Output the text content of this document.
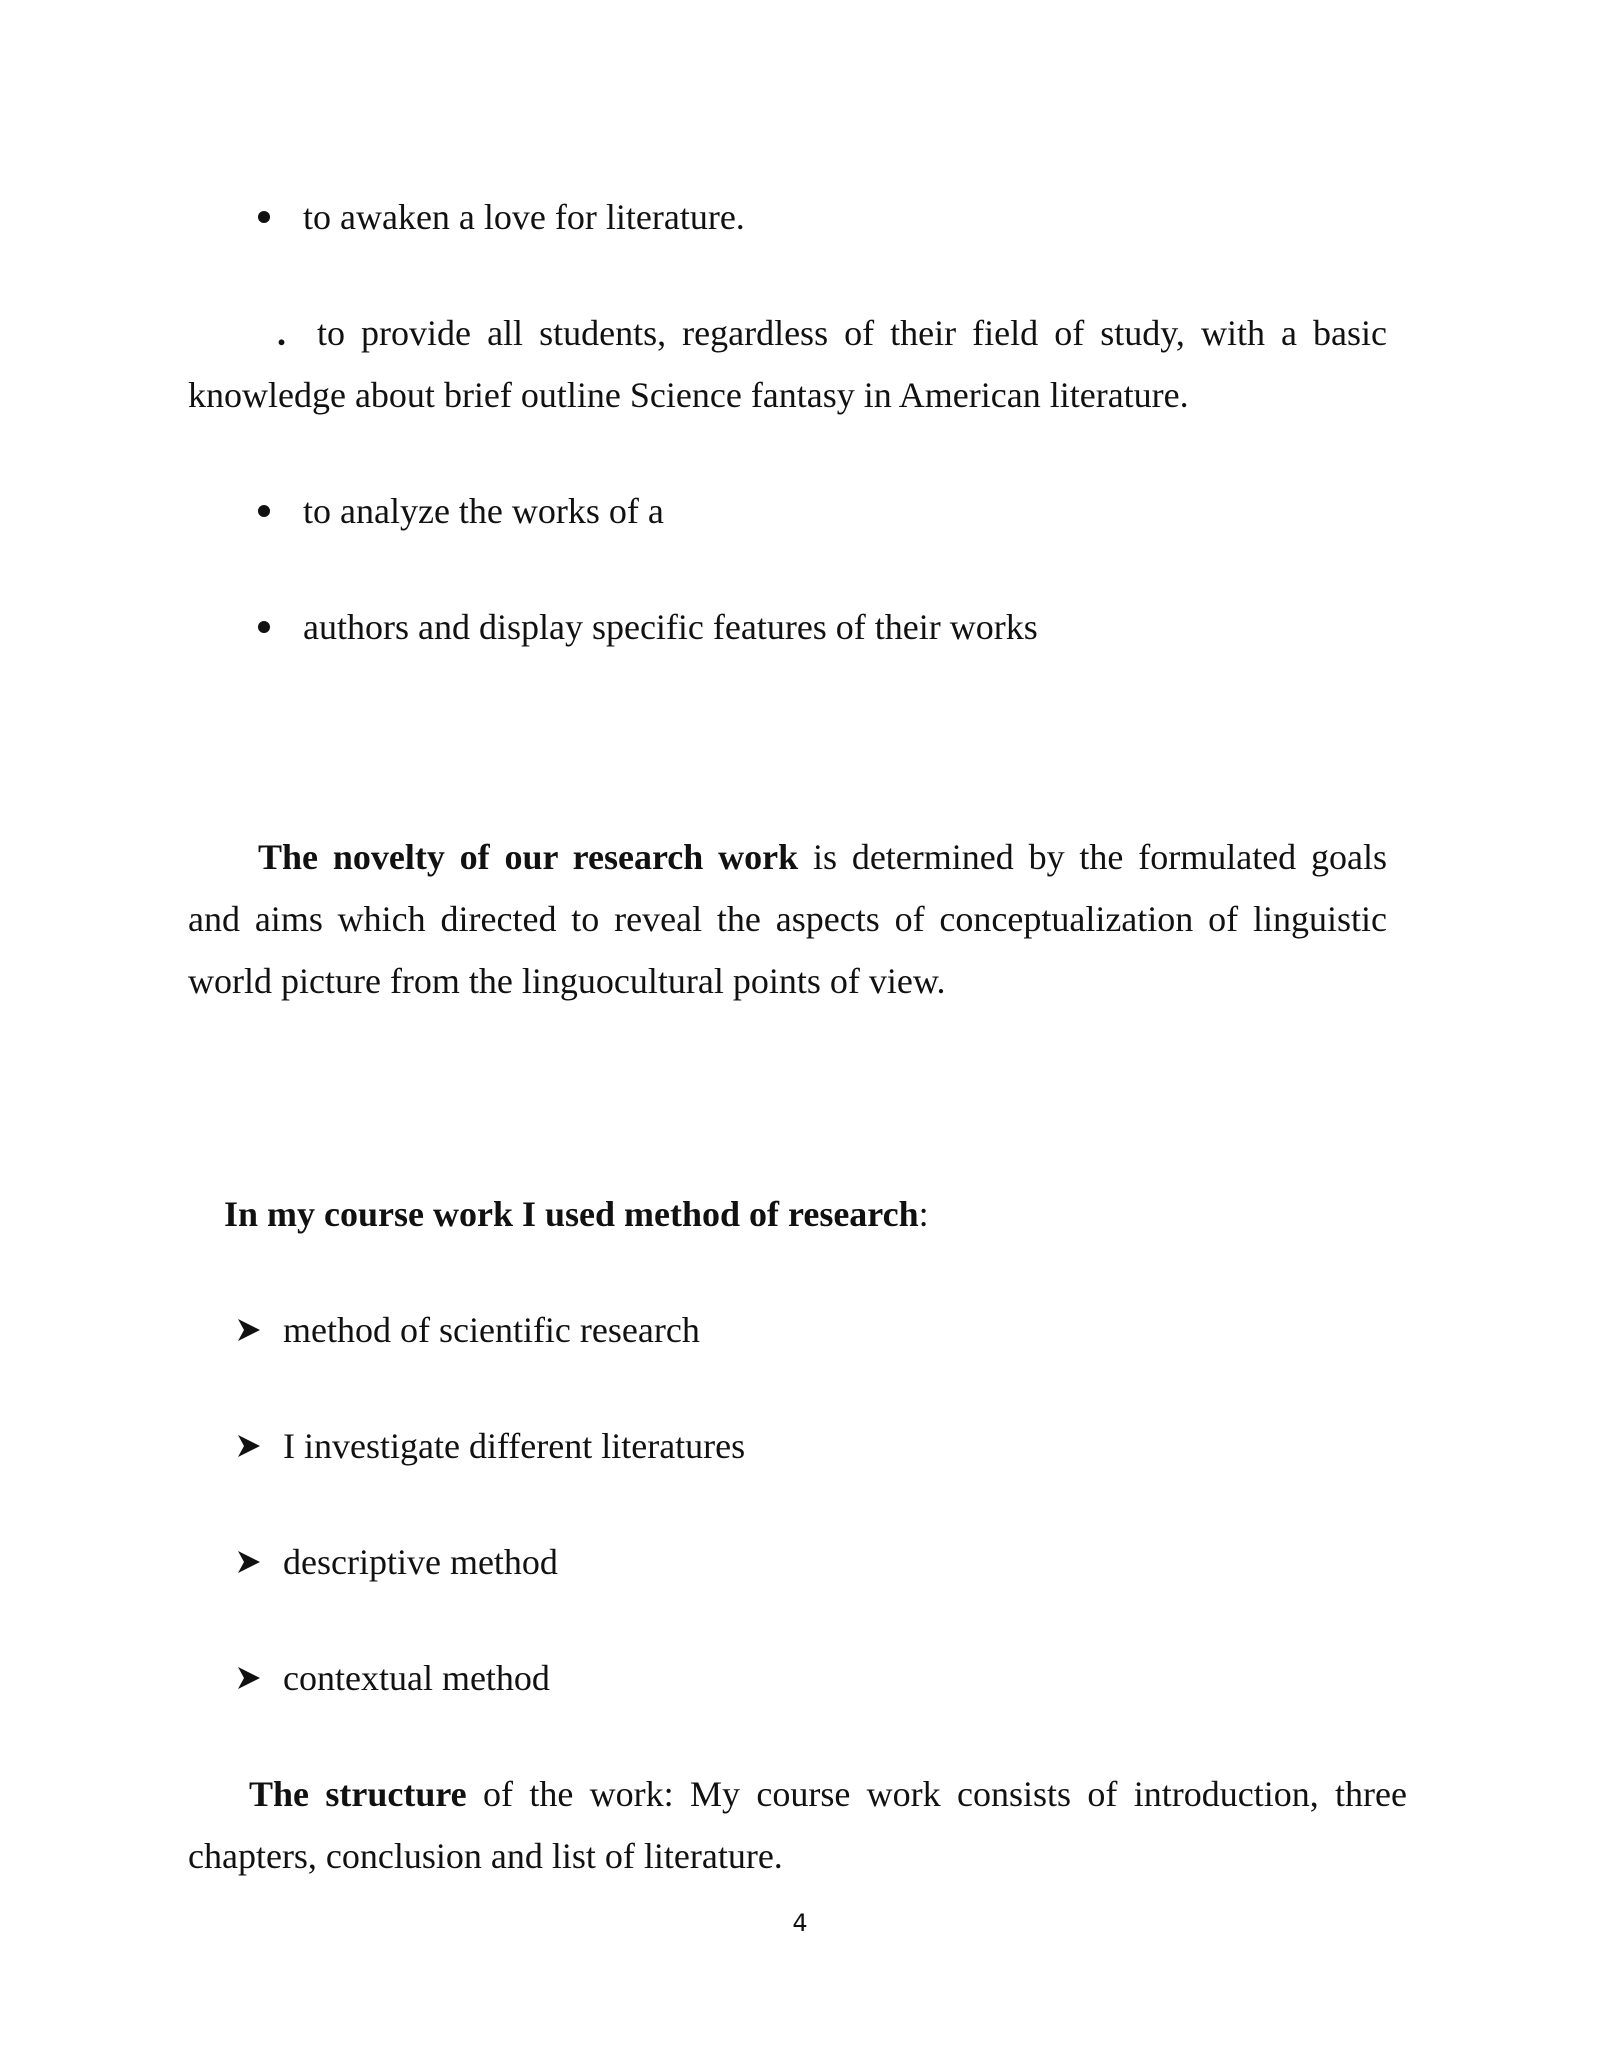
to awaken a love for literature.
. to provide all students, regardless of their field of study, with a basic
knowledge about brief outline Science fantasy in American literature.
to analyze the works of a
authors and display specific features of their works
The novelty of our research work is determined by the formulated goals
and aims which directed to reveal the aspects of conceptualization of linguistic
world picture from the linguocultural points of view.
In my course work I used method of research:
method of scientific research
I investigate different literatures
descriptive method
contextual method
The structure of the work: My course work consists of introduction, three
chapters, conclusion and list of literature.
4
